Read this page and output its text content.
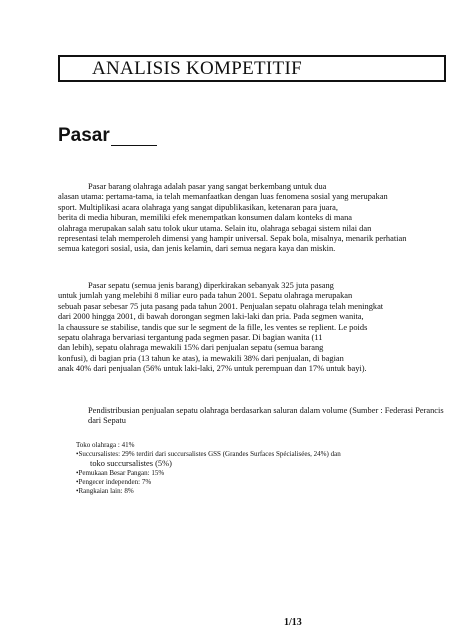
ANALISIS KOMPETITIF
Pasar
Pasar barang olahraga adalah pasar yang sangat berkembang untuk dua
alasan utama: pertama-tama, ia telah memanfaatkan dengan luas fenomena sosial yang merupakan
sport. Multiplikasi acara olahraga yang sangat dipublikasikan, ketenaran para juara,
berita di media hiburan, memiliki efek menempatkan konsumen dalam konteks di mana
olahraga merupakan salah satu tolok ukur utama. Selain itu, olahraga sebagai sistem nilai dan
representasi telah memperoleh dimensi yang hampir universal. Sepak bola, misalnya, menarik perhatian
semua kategori sosial, usia, dan jenis kelamin, dari semua negara kaya dan miskin.
Pasar sepatu (semua jenis barang) diperkirakan sebanyak 325 juta pasang
untuk jumlah yang melebihi 8 miliar euro pada tahun 2001. Sepatu olahraga merupakan
sebuah pasar sebesar 75 juta pasang pada tahun 2001. Penjualan sepatu olahraga telah meningkat
dari 2000 hingga 2001, di bawah dorongan segmen laki-laki dan pria. Pada segmen wanita,
la chaussure se stabilise, tandis que sur le segment de la fille, les ventes se replient. Le poids
sepatu olahraga bervariasi tergantung pada segmen pasar. Di bagian wanita (11
dan lebih), sepatu olahraga mewakili 15% dari penjualan sepatu (semua barang
konfusi), di bagian pria (13 tahun ke atas), ia mewakili 38% dari penjualan, di bagian
anak 40% dari penjualan (56% untuk laki-laki, 27% untuk perempuan dan 17% untuk bayi).
Pendistribusian penjualan sepatu olahraga berdasarkan saluran dalam volume (Sumber : Federasi Perancis dari Sepatu
Toko olahraga : 41%
•Succursalistes: 29% terdiri dari succursalistes GSS (Grandes Surfaces Spécialisées, 24%) dan
toko succursalistes (5%)
•Pemukaan Besar Pangan: 15%
•Pengecer independen: 7%
•Rangkaian lain: 8%
1/13
